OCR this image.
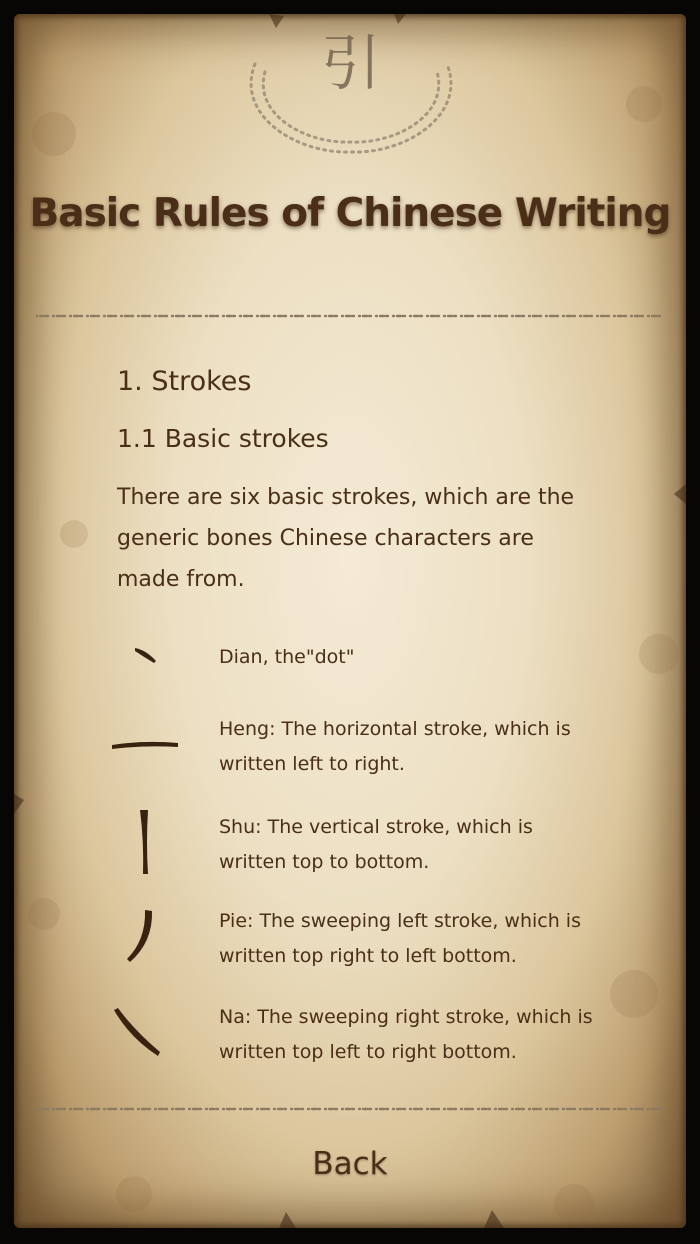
引
Basic Rules of Chinese Writing
1. Strokes
1.1 Basic strokes
There are six basic strokes, which are the generic bones Chinese characters are made from.
Dian, the"dot"
Heng: The horizontal stroke, which is written left to right.
Shu: The vertical stroke, which is written top to bottom.
Pie: The sweeping left stroke, which is written top right to left bottom.
Na: The sweeping right stroke, which is written top left to right bottom.
Back
